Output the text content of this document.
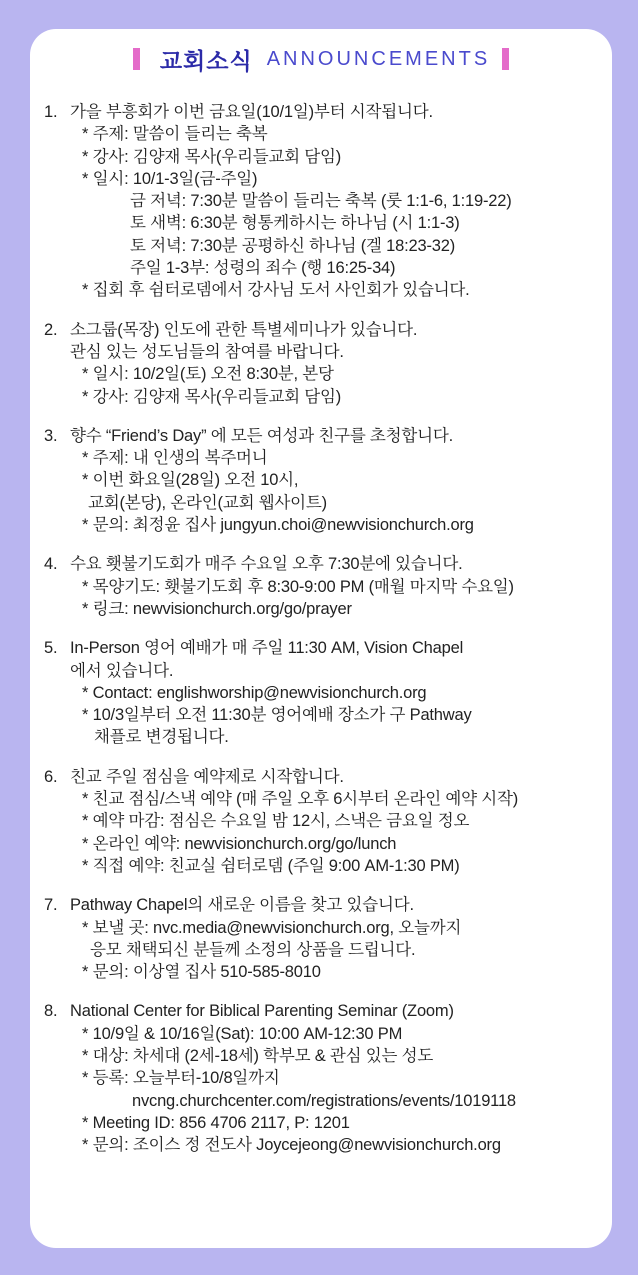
교회소식 ANNOUNCEMENTS
1. 가을 부흥회가 이번 금요일(10/1일)부터 시작됩니다.
* 주제: 말씀이 들리는 축복
* 강사: 김양재 목사(우리들교회 담임)
* 일시: 10/1-3일(금-주일)
금 저녁: 7:30분 말씀이 들리는 축복 (룻 1:1-6, 1:19-22)
토 새벽: 6:30분 형통케하시는 하나님 (시 1:1-3)
토 저녁: 7:30분 공평하신 하나님 (겔 18:23-32)
주일 1-3부: 성령의 죄수 (행 16:25-34)
* 집회 후 쉼터로뎀에서 강사님 도서 사인회가 있습니다.
2. 소그룹(목장) 인도에 관한 특별세미나가 있습니다.
관심 있는 성도님들의 참여를 바랍니다.
* 일시: 10/2일(토) 오전 8:30분, 본당
* 강사: 김양재 목사(우리들교회 담임)
3. 향수 “Friend’s Day” 에 모든 여성과 친구를 초청합니다.
* 주제: 내 인생의 복주머니
* 이번 화요일(28일) 오전 10시,
교회(본당), 온라인(교회 웹사이트)
* 문의: 최정윤 집사 jungyun.choi@newvisionchurch.org
4. 수요 횃불기도회가 매주 수요일 오후 7:30분에 있습니다.
* 목양기도: 횃불기도회 후 8:30-9:00 PM (매월 마지막 수요일)
* 링크: newvisionchurch.org/go/prayer
5. In-Person 영어 예배가 매 주일 11:30 AM, Vision Chapel
에서 있습니다.
* Contact: englishworship@newvisionchurch.org
* 10/3일부터 오전 11:30분 영어예배 장소가 구 Pathway
채플로 변경됩니다.
6. 친교 주일 점심을 예약제로 시작합니다.
* 친교 점심/스낵 예약 (매 주일 오후 6시부터 온라인 예약 시작)
* 예약 마감: 점심은 수요일 밤 12시, 스낵은 금요일 정오
* 온라인 예약: newvisionchurch.org/go/lunch
* 직접 예약: 친교실 쉼터로뎀 (주일 9:00 AM-1:30 PM)
7. Pathway Chapel의 새로운 이름을 찾고 있습니다.
* 보낼 곳: nvc.media@newvisionchurch.org, 오늘까지
응모 채택되신 분들께 소정의 상품을 드립니다.
* 문의: 이상열 집사 510-585-8010
8. National Center for Biblical Parenting Seminar (Zoom)
* 10/9일 & 10/16일(Sat): 10:00 AM-12:30 PM
* 대상: 차세대 (2세-18세) 학부모 & 관심 있는 성도
* 등록: 오늘부터-10/8일까지
nvcng.churchcenter.com/registrations/events/1019118
* Meeting ID: 856 4706 2117, P: 1201
* 문의: 조이스 정 전도사 Joycejeong@newvisionchurch.org
